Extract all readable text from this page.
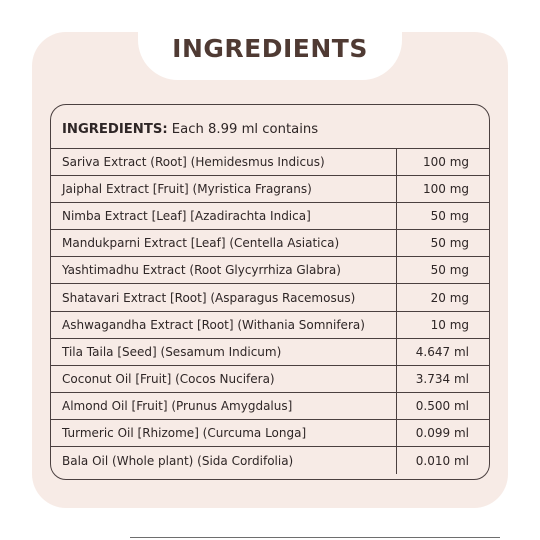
INGREDIENTS
INGREDIENTS: Each 8.99 ml contains
Sariva Extract (Root] (Hemidesmus Indicus)	100 mg
Jaiphal Extract [Fruit] (Myristica Fragrans)	100 mg
Nimba Extract [Leaf] [Azadirachta Indica]	50 mg
Mandukparni Extract [Leaf] (Centella Asiatica)	50 mg
Yashtimadhu Extract (Root Glycyrrhiza Glabra)	50 mg
Shatavari Extract [Root] (Asparagus Racemosus)	20 mg
Ashwagandha Extract [Root] (Withania Somnifera)	10 mg
Tila Taila [Seed] (Sesamum Indicum)	4.647 ml
Coconut Oil [Fruit] (Cocos Nucifera)	3.734 ml
Almond Oil [Fruit] (Prunus Amygdalus]	0.500 ml
Turmeric Oil [Rhizome] (Curcuma Longa]	0.099 ml
Bala Oil (Whole plant) (Sida Cordifolia)	0.010 ml
